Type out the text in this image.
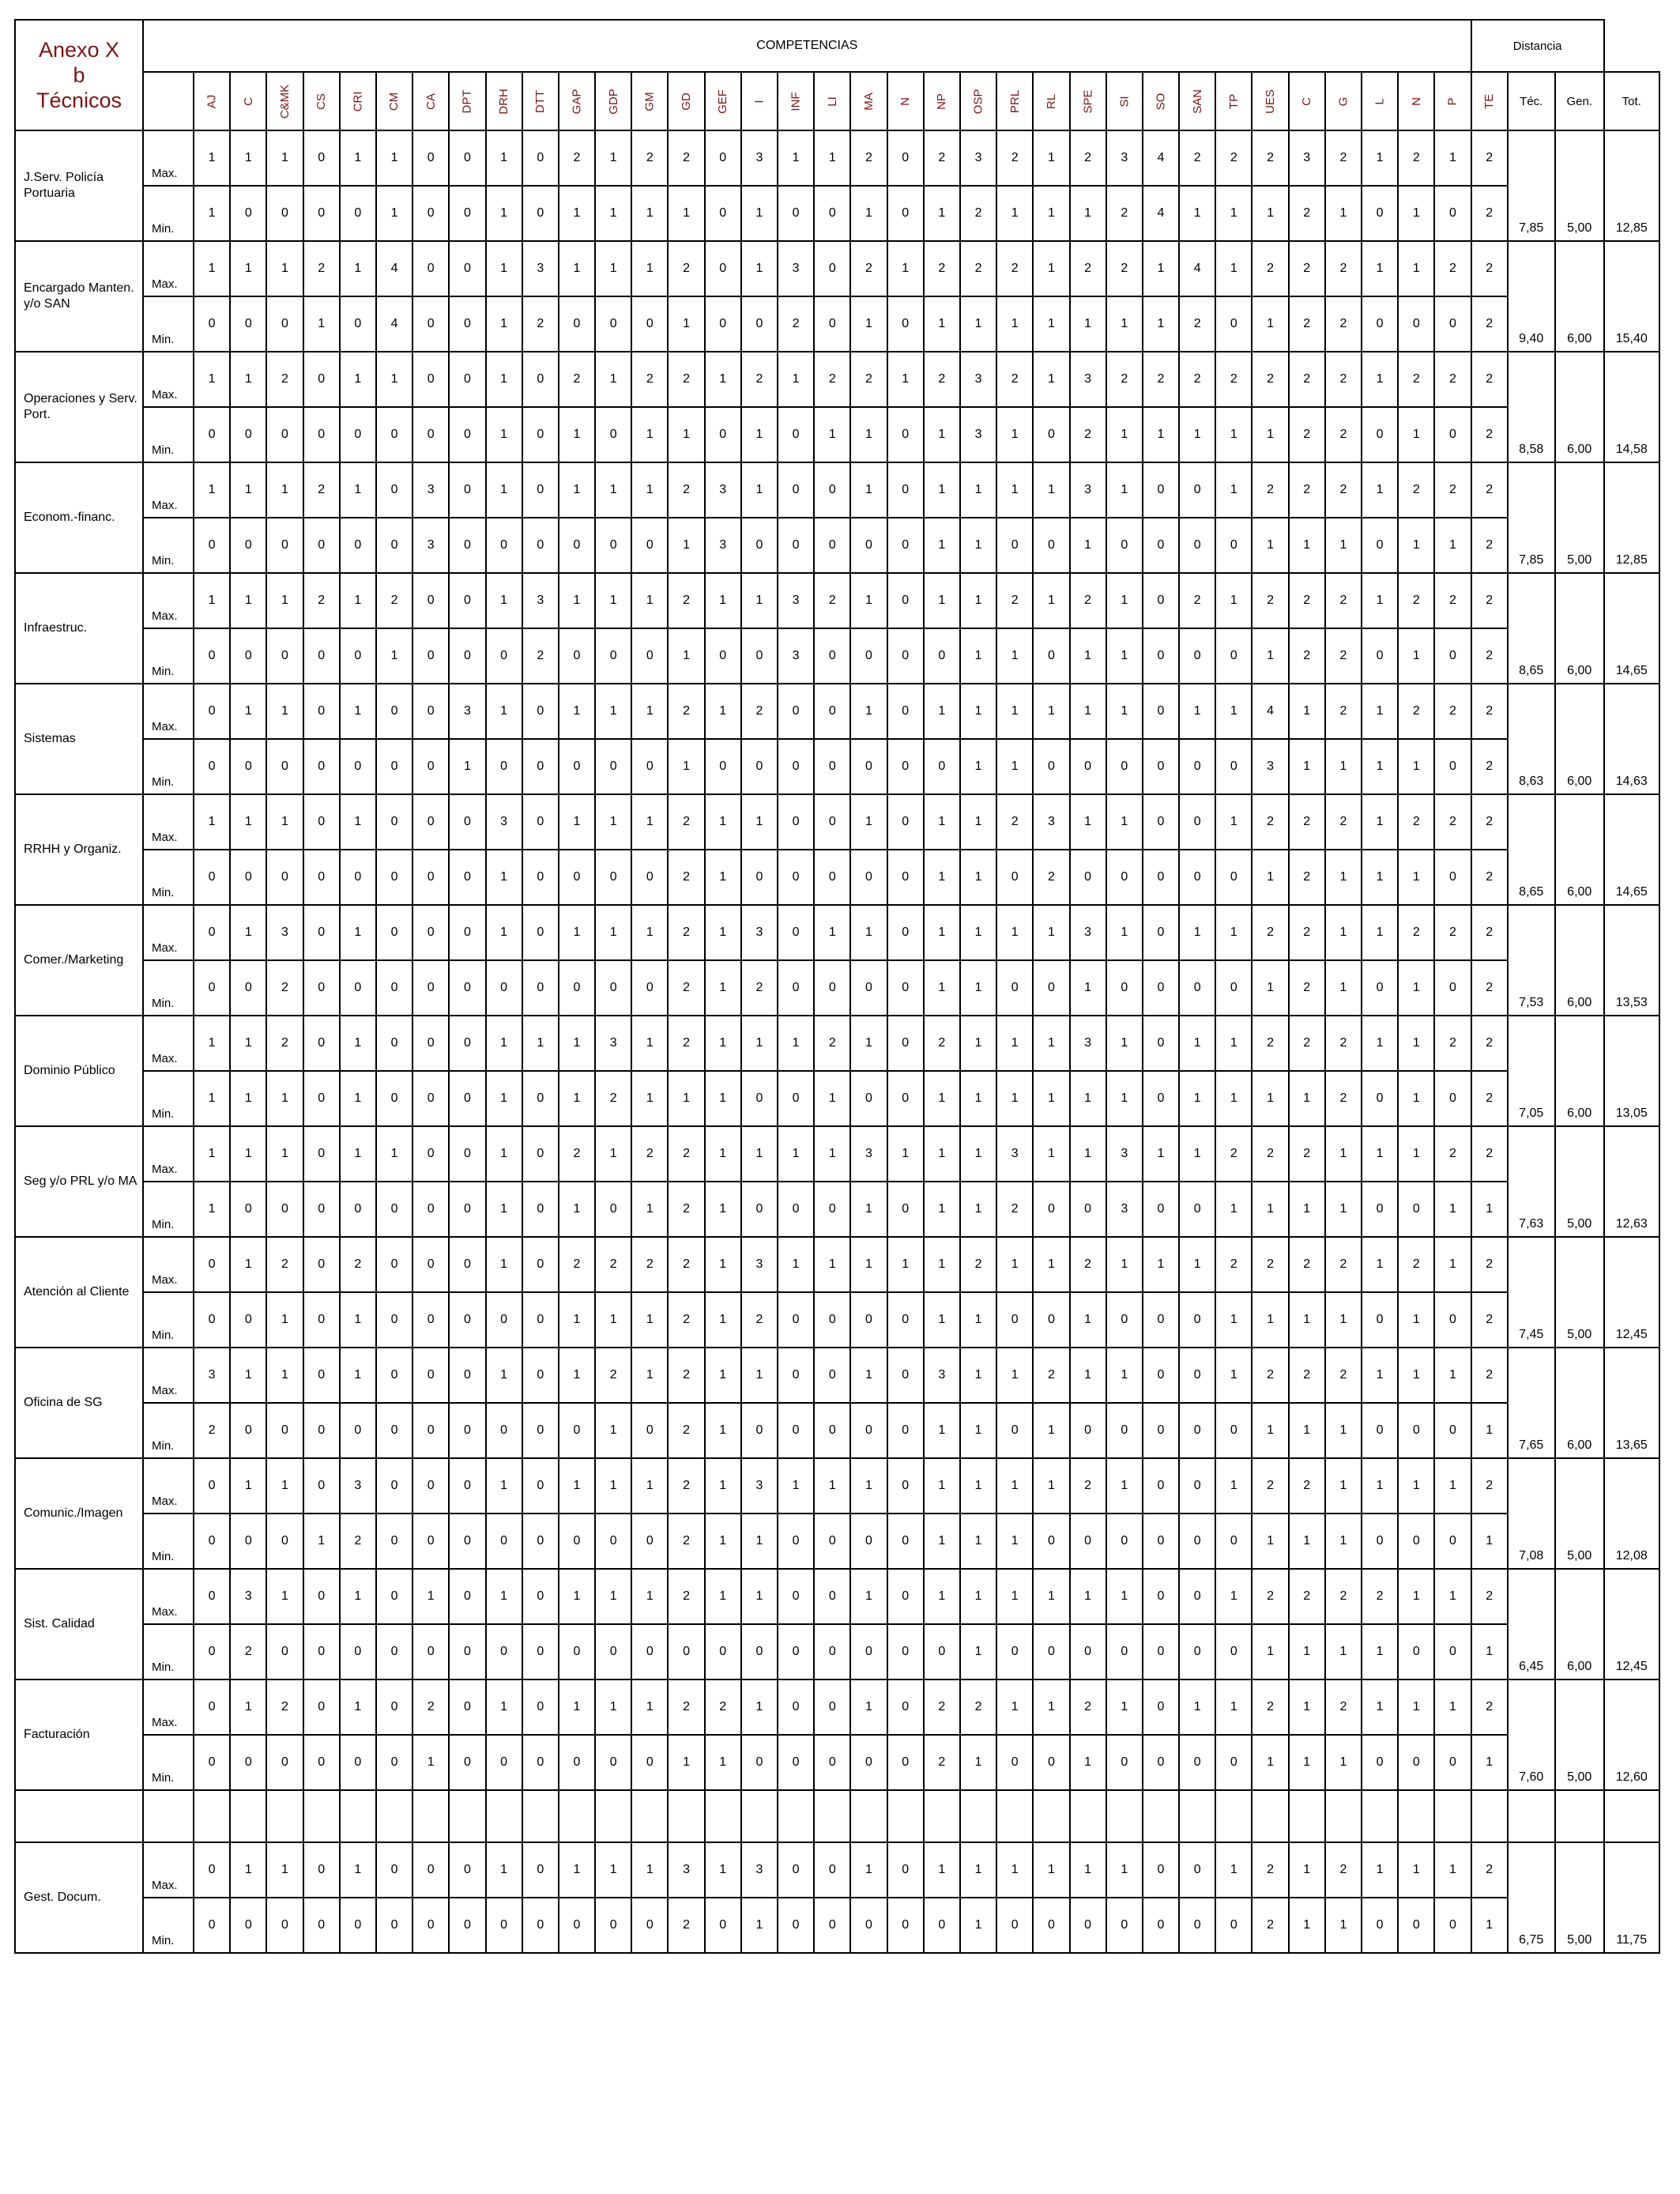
Anexo X
b
Técnicos	COMPETENCIAS																																				Distancia			
		AJ	C	C&MK	CS	CRI	CM	CA	DPT	DRH	DTT	GAP	GDP	GM	GD	GEF	I	INF	LI	MA	N	NP	OSP	PRL	RL	SPE	SI	SO	SAN	TP	UES	C	G	L	N	P	TE	Téc.	Gen.	Tot.
J.Serv. Policía Portuaria	Max.	1	1	1	0	1	1	0	0	1	0	2	1	2	2	0	3	1	1	2	0	2	3	2	1	2	3	4	2	2	2	3	2	1	2	1	2	7,85	5,00	12,85
	Min.	1	0	0	0	0	1	0	0	1	0	1	1	1	1	0	1	0	0	1	0	1	2	1	1	1	2	4	1	1	1	2	1	0	1	0	2			
Encargado Manten. y/o SAN	Max.	1	1	1	2	1	4	0	0	1	3	1	1	1	2	0	1	3	0	2	1	2	2	2	1	2	2	1	4	1	2	2	2	1	1	2	2	9,40	6,00	15,40
	Min.	0	0	0	1	0	4	0	0	1	2	0	0	0	1	0	0	2	0	1	0	1	1	1	1	1	1	1	2	0	1	2	2	0	0	0	2			
Operaciones y Serv. Port.	Max.	1	1	2	0	1	1	0	0	1	0	2	1	2	2	1	2	1	2	2	1	2	3	2	1	3	2	2	2	2	2	2	2	1	2	2	2	8,58	6,00	14,58
	Min.	0	0	0	0	0	0	0	0	1	0	1	0	1	1	0	1	0	1	1	0	1	3	1	0	2	1	1	1	1	1	2	2	0	1	0	2			
Econom.-financ.	Max.	1	1	1	2	1	0	3	0	1	0	1	1	1	2	3	1	0	0	1	0	1	1	1	1	3	1	0	0	1	2	2	2	1	2	2	2	7,85	5,00	12,85
	Min.	0	0	0	0	0	0	3	0	0	0	0	0	0	1	3	0	0	0	0	0	1	1	0	0	1	0	0	0	0	1	1	1	0	1	1	2			
Infraestruc.	Max.	1	1	1	2	1	2	0	0	1	3	1	1	1	2	1	1	3	2	1	0	1	1	2	1	2	1	0	2	1	2	2	2	1	2	2	2	8,65	6,00	14,65
	Min.	0	0	0	0	0	1	0	0	0	2	0	0	0	1	0	0	3	0	0	0	0	1	1	0	1	1	0	0	0	1	2	2	0	1	0	2			
Sistemas	Max.	0	1	1	0	1	0	0	3	1	0	1	1	1	2	1	2	0	0	1	0	1	1	1	1	1	1	0	1	1	4	1	2	1	2	2	2	8,63	6,00	14,63
	Min.	0	0	0	0	0	0	0	1	0	0	0	0	0	1	0	0	0	0	0	0	0	1	1	0	0	0	0	0	0	3	1	1	1	1	0	2			
RRHH y Organiz.	Max.	1	1	1	0	1	0	0	0	3	0	1	1	1	2	1	1	0	0	1	0	1	1	2	3	1	1	0	0	1	2	2	2	1	2	2	2	8,65	6,00	14,65
	Min.	0	0	0	0	0	0	0	0	1	0	0	0	0	2	1	0	0	0	0	0	1	1	0	2	0	0	0	0	0	1	2	1	1	1	0	2			
Comer./Marketing	Max.	0	1	3	0	1	0	0	0	1	0	1	1	1	2	1	3	0	1	1	0	1	1	1	1	3	1	0	1	1	2	2	1	1	2	2	2	7,53	6,00	13,53
	Min.	0	0	2	0	0	0	0	0	0	0	0	0	0	2	1	2	0	0	0	0	1	1	0	0	1	0	0	0	0	1	2	1	0	1	0	2			
Dominio Público	Max.	1	1	2	0	1	0	0	0	1	1	1	3	1	2	1	1	1	2	1	0	2	1	1	1	3	1	0	1	1	2	2	2	1	1	2	2	7,05	6,00	13,05
	Min.	1	1	1	0	1	0	0	0	1	0	1	2	1	1	1	0	0	1	0	0	1	1	1	1	1	1	0	1	1	1	1	2	0	1	0	2			
Seg y/o PRL y/o MA	Max.	1	1	1	0	1	1	0	0	1	0	2	1	2	2	1	1	1	1	3	1	1	1	3	1	1	3	1	1	2	2	2	1	1	1	2	2	7,63	5,00	12,63
	Min.	1	0	0	0	0	0	0	0	1	0	1	0	1	2	1	0	0	0	1	0	1	1	2	0	0	3	0	0	1	1	1	1	0	0	1	1			
Atención al Cliente	Max.	0	1	2	0	2	0	0	0	1	0	2	2	2	2	1	3	1	1	1	1	1	2	1	1	2	1	1	1	2	2	2	2	1	2	1	2	7,45	5,00	12,45
	Min.	0	0	1	0	1	0	0	0	0	0	1	1	1	2	1	2	0	0	0	0	1	1	0	0	1	0	0	0	1	1	1	1	0	1	0	2			
Oficina de SG	Max.	3	1	1	0	1	0	0	0	1	0	1	2	1	2	1	1	0	0	1	0	3	1	1	2	1	1	0	0	1	2	2	2	1	1	1	2	7,65	6,00	13,65
	Min.	2	0	0	0	0	0	0	0	0	0	0	1	0	2	1	0	0	0	0	0	1	1	0	1	0	0	0	0	0	1	1	1	0	0	0	1			
Comunic./Imagen	Max.	0	1	1	0	3	0	0	0	1	0	1	1	1	2	1	3	1	1	1	0	1	1	1	1	2	1	0	0	1	2	2	1	1	1	1	2	7,08	5,00	12,08
	Min.	0	0	0	1	2	0	0	0	0	0	0	0	0	2	1	1	0	0	0	0	1	1	1	0	0	0	0	0	0	1	1	1	0	0	0	1			
Sist. Calidad	Max.	0	3	1	0	1	0	1	0	1	0	1	1	1	2	1	1	0	0	1	0	1	1	1	1	1	1	0	0	1	2	2	2	2	1	1	2	6,45	6,00	12,45
	Min.	0	2	0	0	0	0	0	0	0	0	0	0	0	0	0	0	0	0	0	0	0	1	0	0	0	0	0	0	0	1	1	1	1	0	0	1			
Facturación	Max.	0	1	2	0	1	0	2	0	1	0	1	1	1	2	2	1	0	0	1	0	2	2	1	1	2	1	0	1	1	2	1	2	1	1	1	2	7,60	5,00	12,60
	Min.	0	0	0	0	0	0	1	0	0	0	0	0	0	1	1	0	0	0	0	0	2	1	0	0	1	0	0	0	0	1	1	1	0	0	0	1			

Gest. Docum.	Max.	0	1	1	0	1	0	0	0	1	0	1	1	1	3	1	3	0	0	1	0	1	1	1	1	1	1	0	0	1	2	1	2	1	1	1	2	6,75	5,00	11,75
	Min.	0	0	0	0	0	0	0	0	0	0	0	0	0	2	0	1	0	0	0	0	0	1	0	0	0	0	0	0	0	2	1	1	0	0	0	1			
